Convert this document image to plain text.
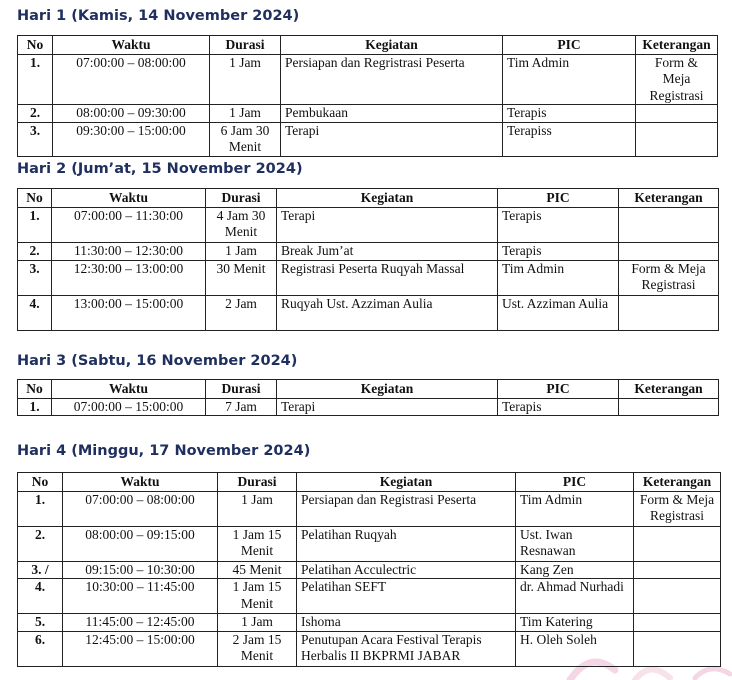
Hari 1 (Kamis, 14 November 2024)
No	Waktu	Durasi	Kegiatan	PIC	Keterangan
1.	07:00:00 – 08:00:00	1 Jam	Persiapan dan Regristrasi Peserta	Tim Admin	Form & Meja Registrasi
2.	08:00:00 – 09:30:00	1 Jam	Pembukaan	Terapis	
3.	09:30:00 – 15:00:00	6 Jam 30 Menit	Terapi	Terapiss	
Hari 2 (Jum’at, 15 November 2024)
No	Waktu	Durasi	Kegiatan	PIC	Keterangan
1.	07:00:00 – 11:30:00	4 Jam 30 Menit	Terapi	Terapis	
2.	11:30:00 – 12:30:00	1 Jam	Break Jum’at	Terapis	
3.	12:30:00 – 13:00:00	30 Menit	Registrasi Peserta Ruqyah Massal	Tim Admin	Form & Meja Registrasi
4.	13:00:00 – 15:00:00	2 Jam	Ruqyah Ust. Azziman Aulia	Ust. Azziman Aulia	
Hari 3 (Sabtu, 16 November 2024)
No	Waktu	Durasi	Kegiatan	PIC	Keterangan
1.	07:00:00 – 15:00:00	7 Jam	Terapi	Terapis	
Hari 4 (Minggu, 17 November 2024)
No	Waktu	Durasi	Kegiatan	PIC	Keterangan
1.	07:00:00 – 08:00:00	1 Jam	Persiapan dan Registrasi Peserta	Tim Admin	Form & Meja Registrasi
2.	08:00:00 – 09:15:00	1 Jam 15 Menit	Pelatihan Ruqyah	Ust. Iwan Resnawan	
3. /	09:15:00 – 10:30:00	45 Menit	Pelatihan Acculectric	Kang Zen	
4.	10:30:00 – 11:45:00	1 Jam 15 Menit	Pelatihan SEFT	dr. Ahmad Nurhadi	
5.	11:45:00 – 12:45:00	1 Jam	Ishoma	Tim Katering	
6.	12:45:00 – 15:00:00	2 Jam 15 Menit	Penutupan Acara Festival Terapis Herbalis II BKPRMI JABAR	H. Oleh Soleh	
